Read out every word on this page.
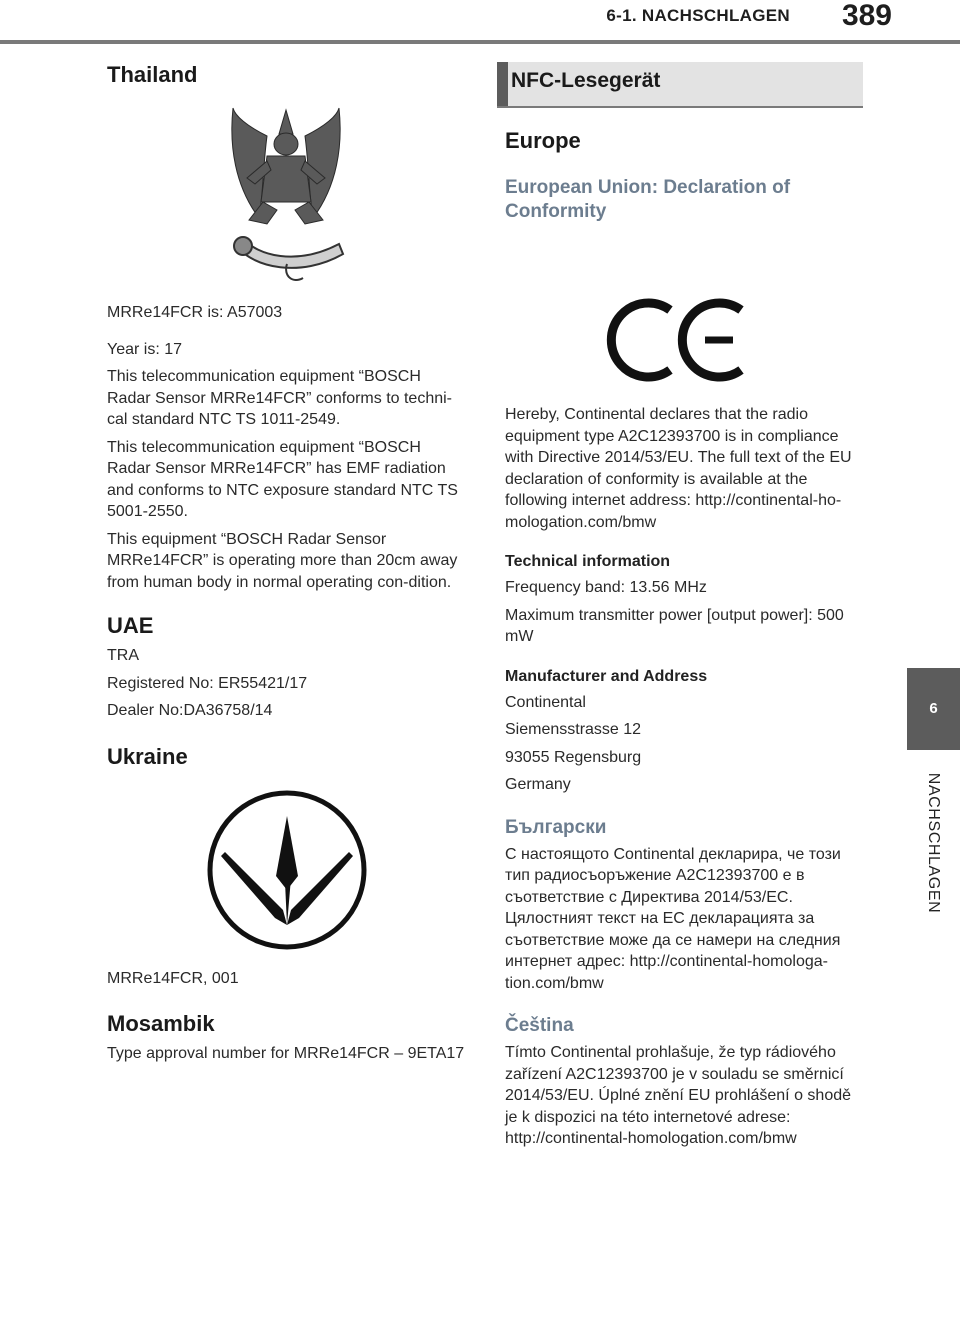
6-1. NACHSCHLAGEN 389
6
NACHSCHLAGEN
Thailand

MRRe14FCR is: A57003

Year is: 17

This telecommunication equipment “BOSCH Radar Sensor MRRe14FCR” conforms to techni-cal standard NTC TS 1011-2549.

This telecommunication equipment “BOSCH Radar Sensor MRRe14FCR” has EMF radiation and conforms to NTC exposure standard NTC TS 5001-2550.

This equipment “BOSCH Radar Sensor MRRe14FCR” is operating more than 20cm away from human body in normal operating con-dition.

UAE

TRA

Registered No: ER55421/17

Dealer No:DA36758/14

Ukraine

MRRe14FCR, 001

Mosambik

Type approval number for MRRe14FCR – 9ETA17

NFC-Lesegerät
Europe
European Union: Declaration of Conformity

Hereby, Continental declares that the radio equipment type A2C12393700 is in compliance with Directive 2014/53/EU. The full text of the EU declaration of conformity is available at the following internet address: http://continental-ho-mologation.com/bmw

Technical information

Frequency band: 13.56 MHz

Maximum transmitter power [output power]: 500 mW

Manufacturer and Address

Continental

Siemensstrasse 12

93055 Regensburg

Germany

Български

С настоящото Continental декларира, че този тип радиосъоръжение A2C12393700 е в съответствие с Директива 2014/53/ЕС. Цялостният текст на ЕС декларацията за съответствие може да се намери на следния интернет адрес: http://continental-homologa-tion.com/bmw

Čeština

Tímto Continental prohlašuje, že typ rádiového zařízení A2C12393700 je v souladu se směrnicí 2014/53/EU. Úplné znění EU prohlášení o shodě je k dispozici na této internetové adrese: http://continental-homologation.com/bmw
